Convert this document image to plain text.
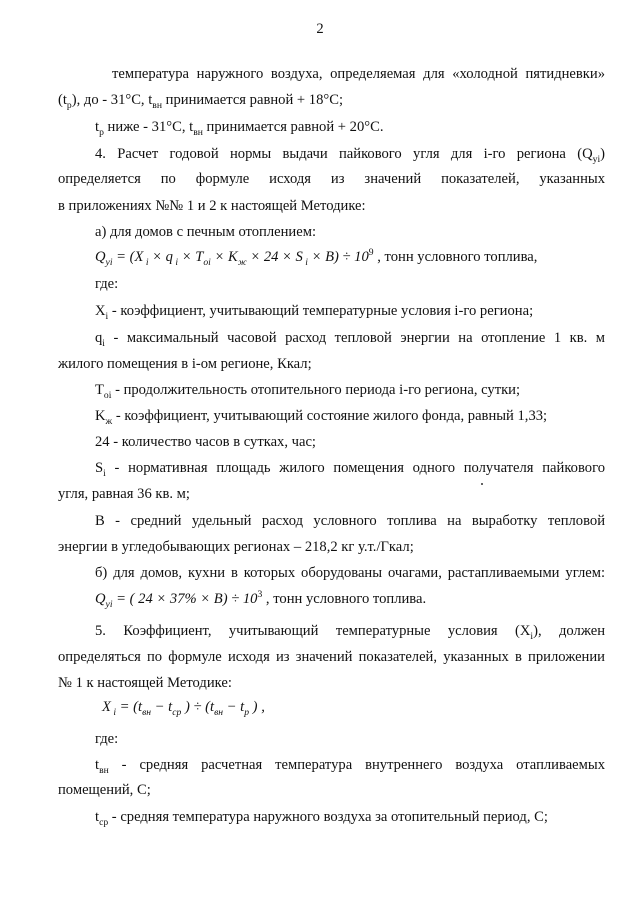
2
температура наружного воздуха, определяемая для «холодной пятидневки»
$(t_p)$, до - 31°С, $t_{вн}$ принимается равной + 18°С;
$t_p$ ниже - 31°С, $t_{вн}$ принимается равной + 20°С.
4. Расчет годовой нормы выдачи пайкового угля для i-го региона $(Q_{yi})$
определяется по формуле исходя из значений показателей, указанных
в приложениях №№ 1 и 2 к настоящей Методике:
а) для домов с печным отоплением:
$Q_{yi} = (X$ $_i$ × q $_i \times T_{oi} \times K_ж \times 24 \times S$ $_i \times B) \div 10^9$ , тонн условного топлива,
где:
$X_i$ - коэффициент, учитывающий температурные условия i-го региона;
$q_i$ - максимальный часовой расход тепловой энергии на отопление 1 кв. м
жилого помещения в i-ом регионе, Ккал;
$T_{oi}$ - продолжительность отопительного периода i-го региона, сутки;
$K_ж$ - коэффициент, учитывающий состояние жилого фонда, равный 1,33;
24 - количество часов в сутках, час;
$S_i$ - нормативная площадь жилого помещения одного получателя пайкового
угля, равная 36 кв. м;
В - средний удельный расход условного топлива на выработку тепловой
энергии в угледобывающих регионах – 218,2 кг у.т./Гкал;
б) для домов, кухни в которых оборудованы очагами, растапливаемыми углем:
$Q_{yi}$ = ( $24 \times 37\% \times B) \div 10^3$ , тонн условного топлива.
5. Коэффициент, учитывающий температурные условия $(X_i)$, должен
определяться по формуле исходя из значений показателей, указанных в приложении
№ 1 к настоящей Методике:
X $_i = (t_{вн} - t_{ср}$ ) ÷ ($t_{вн} - t_p$ ) ,
где:
$t_{вн}$ - средняя расчетная температура внутреннего воздуха отапливаемых
помещений, С;
$t_{ср}$ - средняя температура наружного воздуха за отопительный период, С;
